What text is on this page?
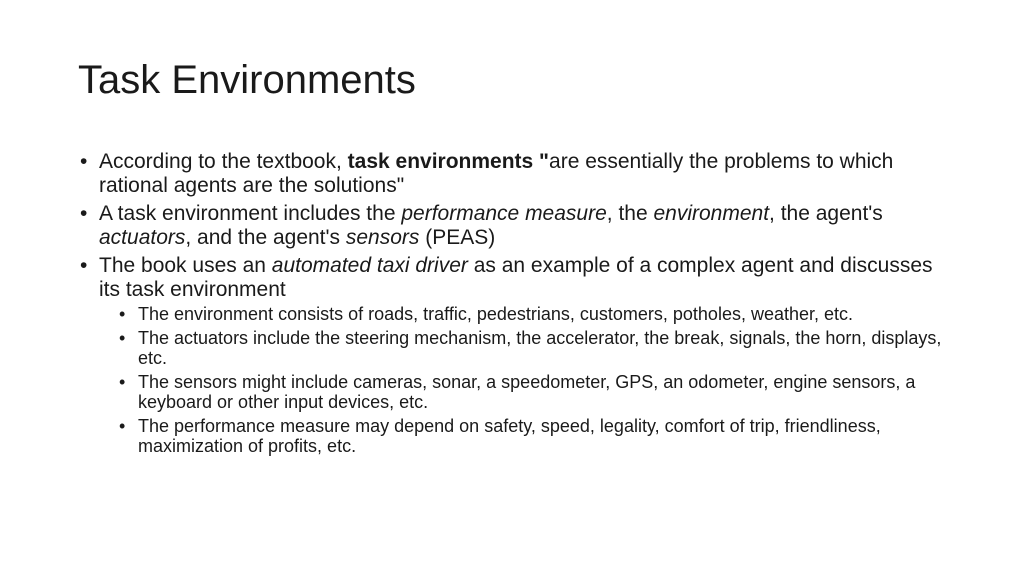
Task Environments
• According to the textbook, task environments "are essentially the problems to which rational agents are the solutions"
• A task environment includes the performance measure, the environment, the agent's actuators, and the agent's sensors (PEAS)
• The book uses an automated taxi driver as an example of a complex agent and discusses its task environment
• The environment consists of roads, traffic, pedestrians, customers, potholes, weather, etc.
• The actuators include the steering mechanism, the accelerator, the break, signals, the horn, displays, etc.
• The sensors might include cameras, sonar, a speedometer, GPS, an odometer, engine sensors, a keyboard or other input devices, etc.
• The performance measure may depend on safety, speed, legality, comfort of trip, friendliness, maximization of profits, etc.
